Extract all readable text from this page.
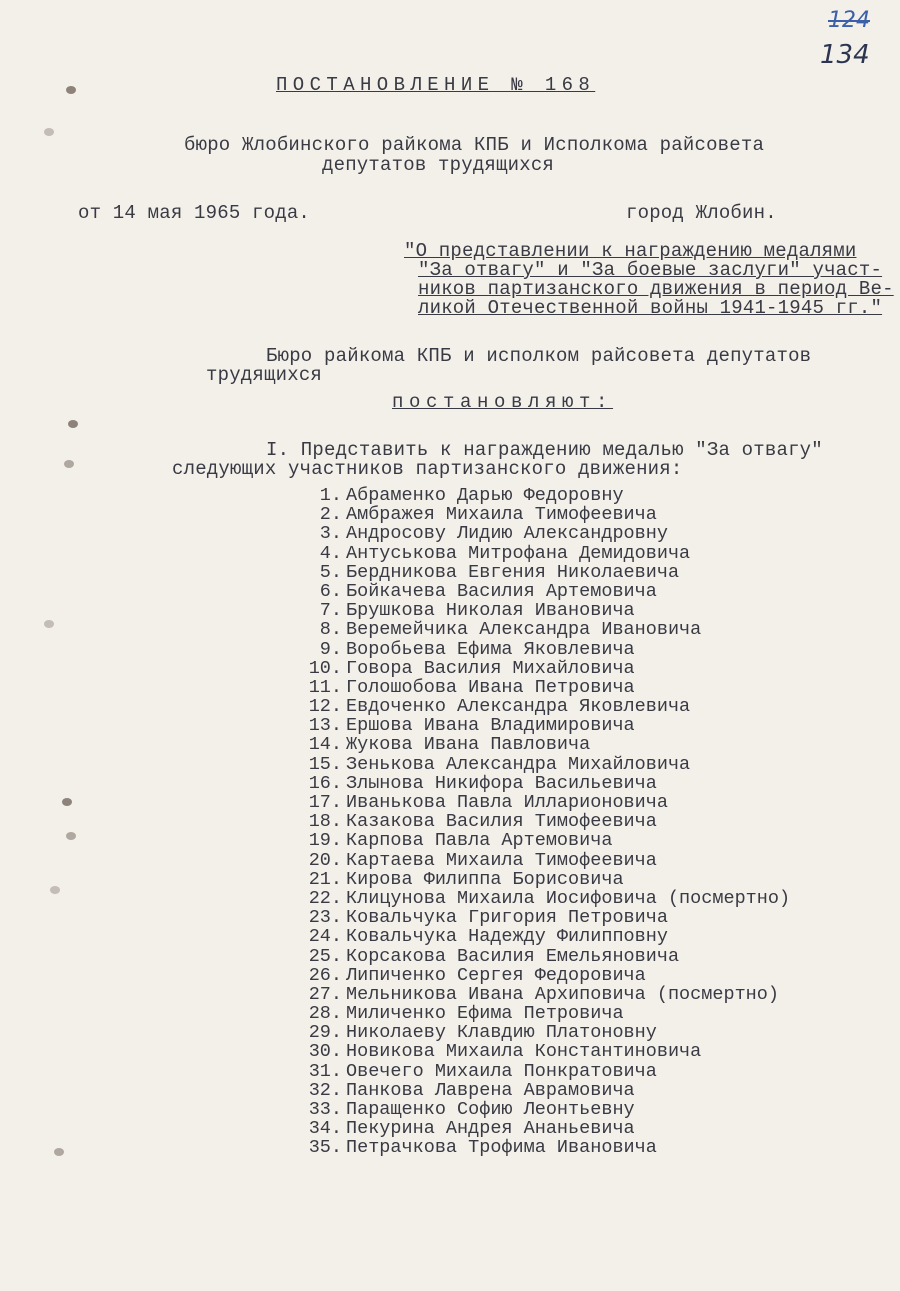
124
134
ПОСТАНОВЛЕНИЕ № 168
бюро Жлобинского райкома КПБ и Исполкома райсовета
депутатов трудящихся
от 14 мая 1965 года.	город Жлобин.
"О представлении к награждению медалями
"За отвагу" и "За боевые заслуги" участ-
ников партизанского движения в период Ве-
ликой Отечественной войны 1941-1945 гг."
Бюро райкома КПБ и исполком райсовета депутатов
трудящихся
постановляют:
I. Представить к награждению медалью "За отвагу"
следующих участников партизанского движения:
1. Абраменко Дарью Федоровну
2. Амбражея Михаила Тимофеевича
3. Андросову Лидию Александровну
4. Антуськова Митрофана Демидовича
5. Бердникова Евгения Николаевича
6. Бойкачева Василия Артемовича
7. Брушкова Николая Ивановича
8. Веремейчика Александра Ивановича
9. Воробьева Ефима Яковлевича
10. Говора Василия Михайловича
11. Голошобова Ивана Петровича
12. Евдоченко Александра Яковлевича
13. Ершова Ивана Владимировича
14. Жукова Ивана Павловича
15. Зенькова Александра Михайловича
16. Злынова Никифора Васильевича
17. Иванькова Павла Илларионовича
18. Казакова Василия Тимофеевича
19. Карпова Павла Артемовича
20. Картаева Михаила Тимофеевича
21. Кирова Филиппа Борисовича
22. Клицунова Михаила Иосифовича (посмертно)
23. Ковальчука Григория Петровича
24. Ковальчука Надежду Филипповну
25. Корсакова Василия Емельяновича
26. Липиченко Сергея Федоровича
27. Мельникова Ивана Архиповича (посмертно)
28. Миличенко Ефима Петровича
29. Николаеву Клавдию Платоновну
30. Новикова Михаила Константиновича
31. Овечего Михаила Понкратовича
32. Панкова Лаврена Аврамовича
33. Паращенко Софию Леонтьевну
34. Пекурина Андрея Ананьевича
35. Петрачкова Трофима Ивановича
